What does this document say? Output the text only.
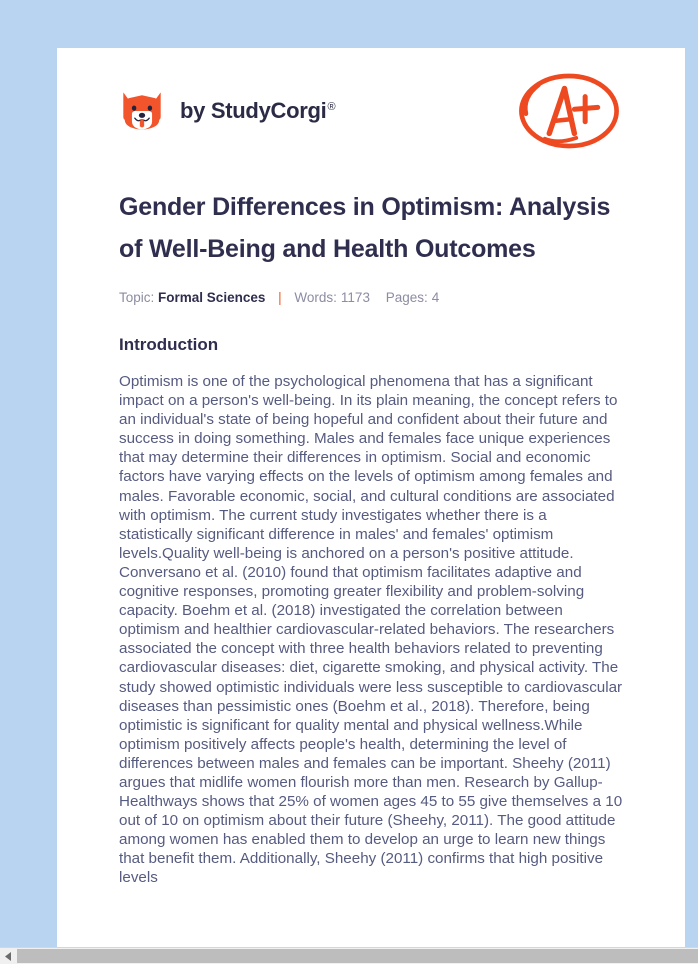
by StudyCorgi®
Gender Differences in Optimism: Analysis of Well-Being and Health Outcomes
Topic: Formal Sciences | Words: 1173 Pages: 4
Introduction

Optimism is one of the psychological phenomena that has a significant impact on a person's well-being. In its plain meaning, the concept refers to an individual's state of being hopeful and confident about their future and success in doing something. Males and females face unique experiences that may determine their differences in optimism. Social and economic factors have varying effects on the levels of optimism among females and males. Favorable economic, social, and cultural conditions are associated with optimism. The current study investigates whether there is a statistically significant difference in males' and females' optimism levels.Quality well-being is anchored on a person's positive attitude. Conversano et al. (2010) found that optimism facilitates adaptive and cognitive responses, promoting greater flexibility and problem-solving capacity. Boehm et al. (2018) investigated the correlation between optimism and healthier cardiovascular-related behaviors. The researchers associated the concept with three health behaviors related to preventing cardiovascular diseases: diet, cigarette smoking, and physical activity. The study showed optimistic individuals were less susceptible to cardiovascular diseases than pessimistic ones (Boehm et al., 2018). Therefore, being optimistic is significant for quality mental and physical wellness.While optimism positively affects people's health, determining the level of differences between males and females can be important. Sheehy (2011) argues that midlife women flourish more than men. Research by Gallup-Healthways shows that 25% of women ages 45 to 55 give themselves a 10 out of 10 on optimism about their future (Sheehy, 2011). The good attitude among women has enabled them to develop an urge to learn new things that benefit them. Additionally, Sheehy (2011) confirms that high positive levels
